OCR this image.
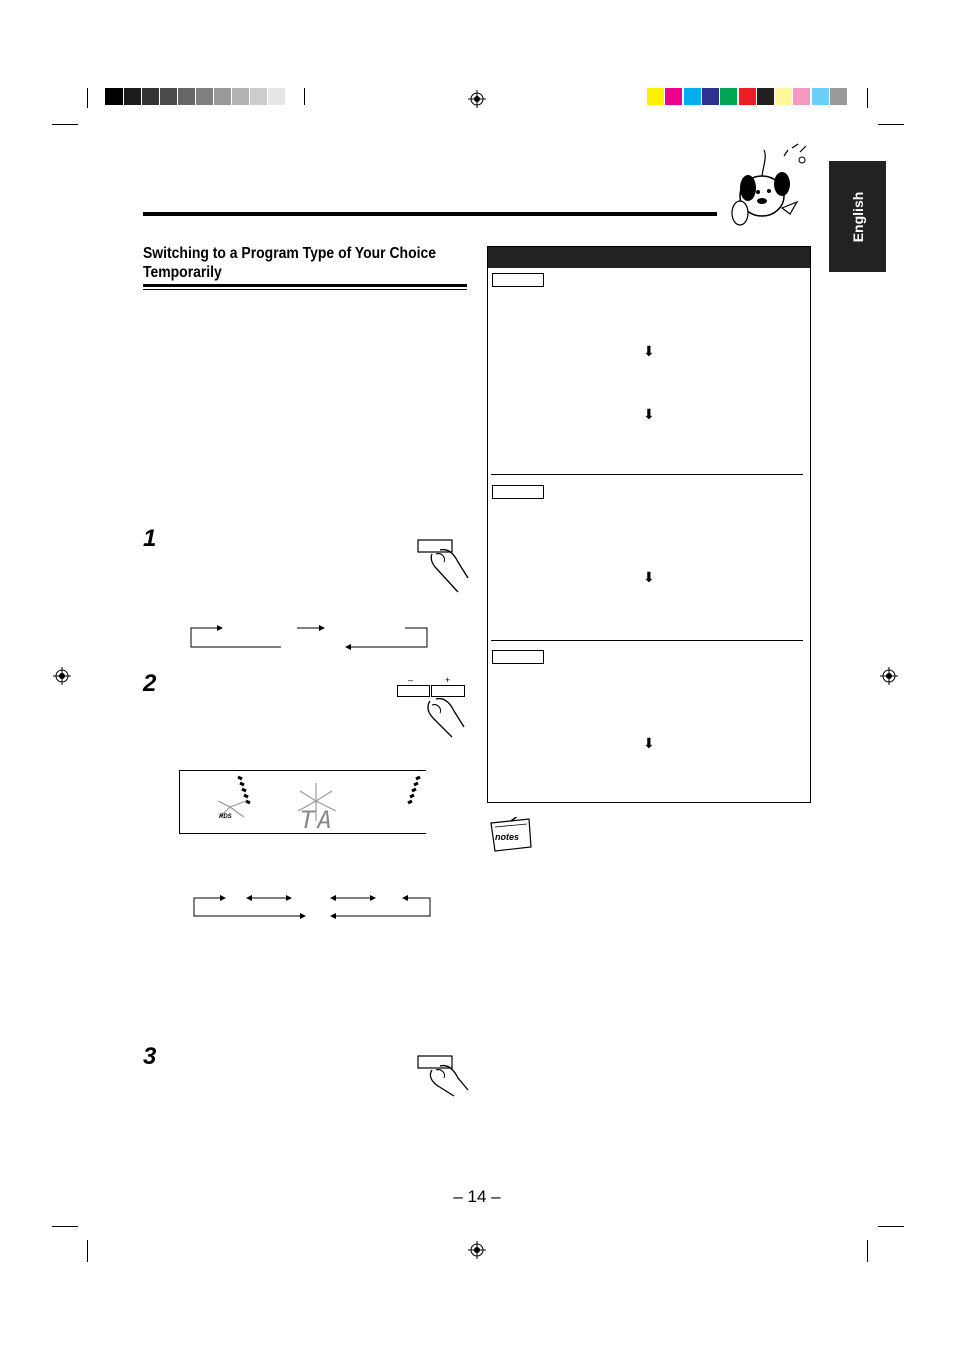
English
Switching to a Program Type of Your Choice Temporarily
1
2	–	+
RDS	TA
3
⬇
⬇
⬇
⬇
notes
– 14 –
